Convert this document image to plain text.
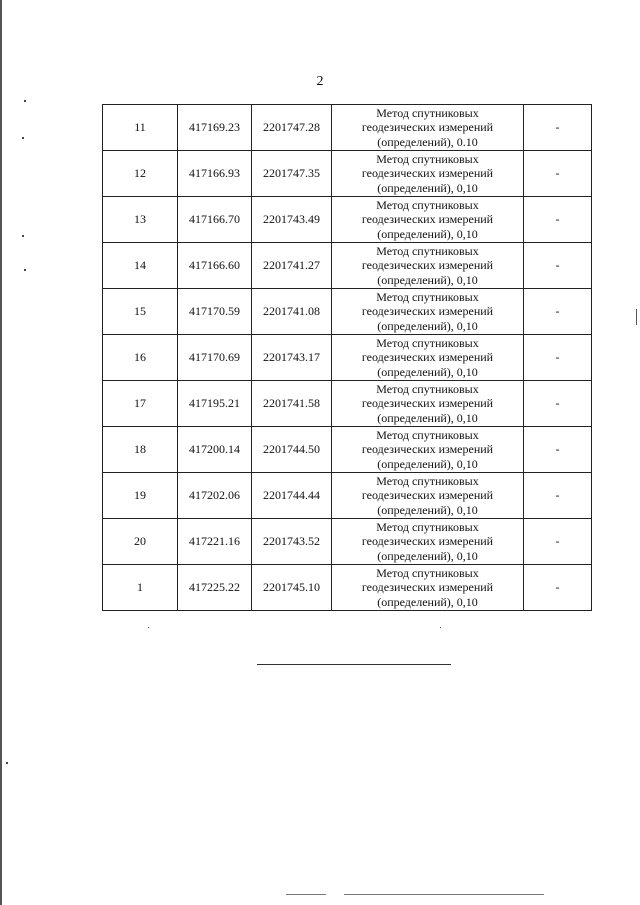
2
11	417169.23	2201747.28	Метод спутниковых
геодезических измерений
(определений), 0.10	-
12	417166.93	2201747.35	Метод спутниковых
геодезических измерений
(определений), 0,10	-
13	417166.70	2201743.49	Метод спутниковых
геодезических измерений
(определений), 0,10	-
14	417166.60	2201741.27	Метод спутниковых
геодезических измерений
(определений), 0,10	-
15	417170.59	2201741.08	Метод спутниковых
геодезических измерений
(определений), 0,10	-
16	417170.69	2201743.17	Метод спутниковых
геодезических измерений
(определений), 0,10	-
17	417195.21	2201741.58	Метод спутниковых
геодезических измерений
(определений), 0,10	-
18	417200.14	2201744.50	Метод спутниковых
геодезических измерений
(определений), 0,10	-
19	417202.06	2201744.44	Метод спутниковых
геодезических измерений
(определений), 0,10	-
20	417221.16	2201743.52	Метод спутниковых
геодезических измерений
(определений), 0,10	-
1	417225.22	2201745.10	Метод спутниковых
геодезических измерений
(определений), 0,10	-
